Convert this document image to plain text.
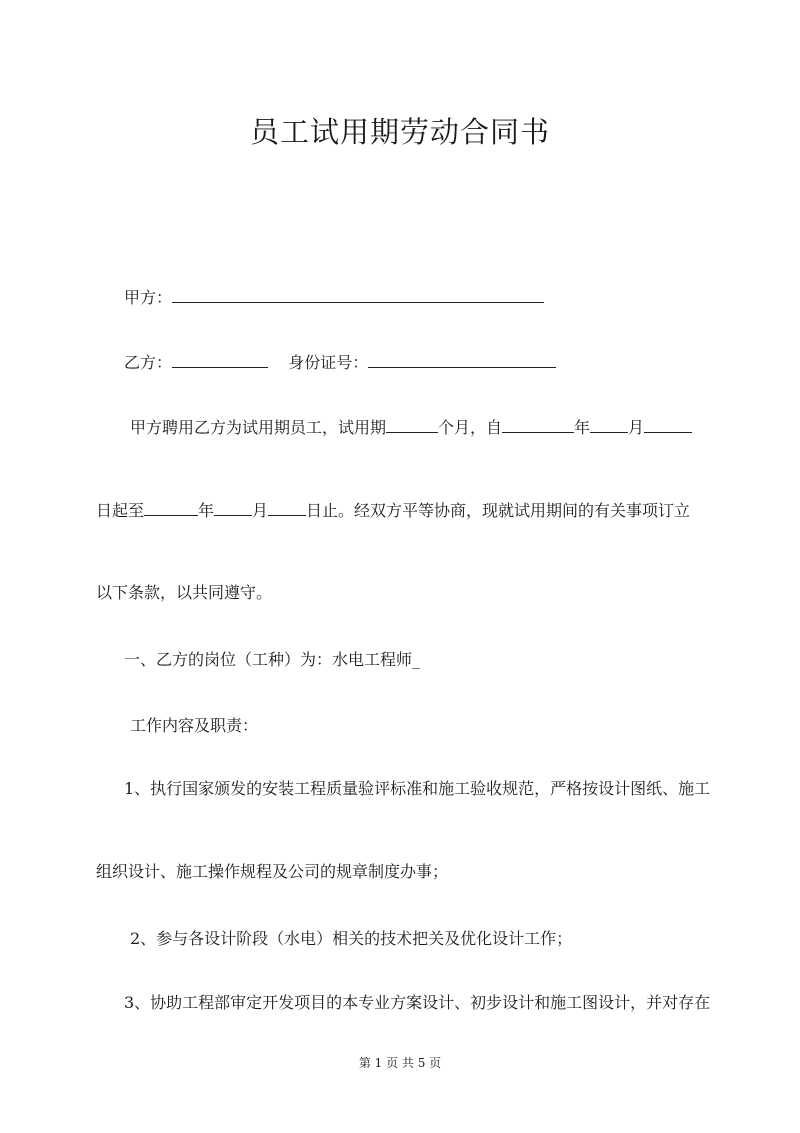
员工试用期劳动合同书
甲方：
乙方：	身份证号：
甲方聘用乙方为试用期员工，试用期	个月，自	年 月
日起至	年 月 日止。经双方平等协商，现就试用期间的有关事项订立
以下条款，以共同遵守。
一、乙方的岗位（工种）为：水电工程师_
工作内容及职责：
1、执行国家颁发的安装工程质量验评标准和施工验收规范，严格按设计图纸、施工
组织设计、施工操作规程及公司的规章制度办事；
2、参与各设计阶段（水电）相关的技术把关及优化设计工作；
3、协助工程部审定开发项目的本专业方案设计、初步设计和施工图设计，并对存在
第 1 页 共 5 页
